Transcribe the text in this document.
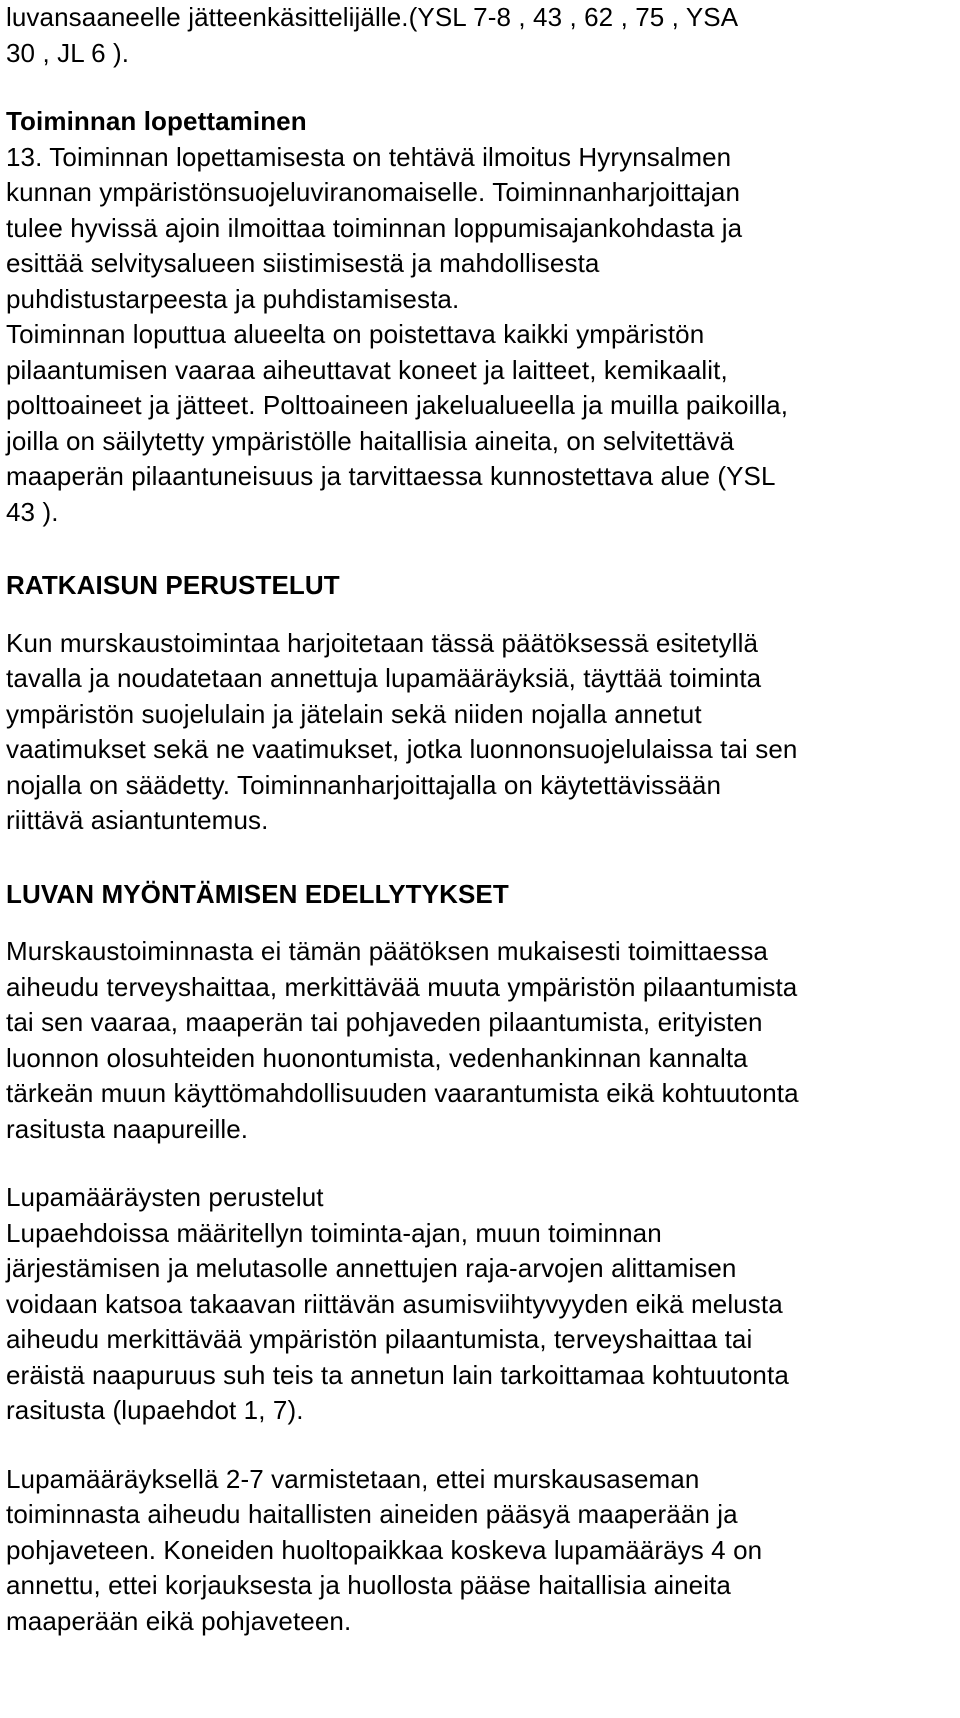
luvansaaneelle jätteenkäsittelijälle.(YSL 7-8 , 43 , 62 , 75 , YSA
30 , JL 6 ).
Toiminnan lopettaminen
13. Toiminnan lopettamisesta on tehtävä ilmoitus Hyrynsalmen
kunnan ympäristönsuojeluviranomaiselle. Toiminnanharjoittajan
tulee hyvissä ajoin ilmoittaa toiminnan loppumisajankohdasta ja
esittää selvitysalueen siistimisestä ja mahdollisesta
puhdistustarpeesta ja puhdistamisesta.
Toiminnan loputtua alueelta on poistettava kaikki ympäristön
pilaantumisen vaaraa aiheuttavat koneet ja laitteet, kemikaalit,
polttoaineet ja jätteet. Polttoaineen jakelualueella ja muilla paikoilla,
joilla on säilytetty ympäristölle haitallisia aineita, on selvitettävä
maaperän pilaantuneisuus ja tarvittaessa kunnostettava alue (YSL
43 ).
RATKAISUN PERUSTELUT
Kun murskaustoimintaa harjoitetaan tässä päätöksessä esitetyllä
tavalla ja noudatetaan annettuja lupamääräyksiä, täyttää toiminta
ympäristön suojelulain ja jätelain sekä niiden nojalla annetut
vaatimukset sekä ne vaatimukset, jotka luonnonsuojelulaissa tai sen
nojalla on säädetty. Toiminnanharjoittajalla on käytettävissään
riittävä asiantuntemus.
LUVAN MYÖNTÄMISEN EDELLYTYKSET
Murskaustoiminnasta ei tämän päätöksen mukaisesti toimittaessa
aiheudu terveyshaittaa, merkittävää muuta ympäristön pilaantumista
tai sen vaaraa, maaperän tai pohjaveden pilaantumista, erityisten
luonnon olosuhteiden huonontumista, vedenhankinnan kannalta
tärkeän muun käyttömahdollisuuden vaarantumista eikä kohtuutonta
rasitusta naapureille.
Lupamääräysten perustelut
Lupaehdoissa määritellyn toiminta-ajan, muun toiminnan
järjestämisen ja melutasolle annettujen raja-arvojen alittamisen
voidaan katsoa takaavan riittävän asumisviihtyvyyden eikä melusta
aiheudu merkittävää ympäristön pilaantumista, terveyshaittaa tai
eräistä naapuruus suh teis ta annetun lain tarkoittamaa kohtuutonta
rasitusta (lupaehdot 1, 7).
Lupamääräyksellä 2-7 varmistetaan, ettei murskausaseman
toiminnasta aiheudu haitallisten aineiden pääsyä maaperään ja
pohjaveteen. Koneiden huoltopaikkaa koskeva lupamääräys 4 on
annettu, ettei korjauksesta ja huollosta pääse haitallisia aineita
maaperään eikä pohjaveteen.
